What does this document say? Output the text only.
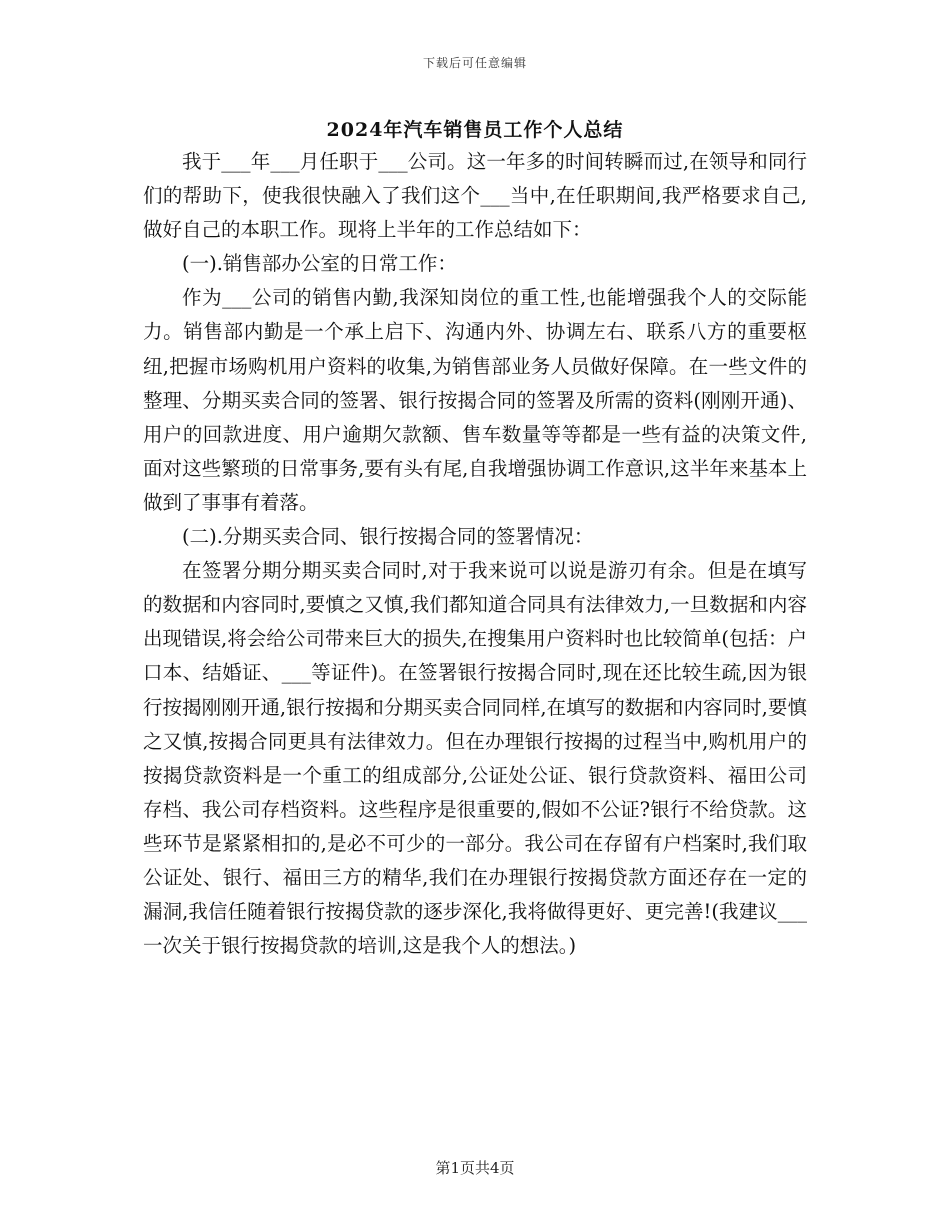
下载后可任意编辑
2024年汽车销售员工作个人总结

我于___年___月任职于___公司。这一年多的时间转瞬而过,在领导和同行们的帮助下，使我很快融入了我们这个___当中,在任职期间,我严格要求自己,做好自己的本职工作。现将上半年的工作总结如下：

(一).销售部办公室的日常工作：

作为___公司的销售内勤,我深知岗位的重工性,也能增强我个人的交际能力。销售部内勤是一个承上启下、沟通内外、协调左右、联系八方的重要枢纽,把握市场购机用户资料的收集,为销售部业务人员做好保障。在一些文件的整理、分期买卖合同的签署、银行按揭合同的签署及所需的资料(刚刚开通)、用户的回款进度、用户逾期欠款额、售车数量等等都是一些有益的决策文件,面对这些繁琐的日常事务,要有头有尾,自我增强协调工作意识,这半年来基本上做到了事事有着落。

(二).分期买卖合同、银行按揭合同的签署情况：

在签署分期分期买卖合同时,对于我来说可以说是游刃有余。但是在填写的数据和内容同时,要慎之又慎,我们都知道合同具有法律效力,一旦数据和内容出现错误,将会给公司带来巨大的损失,在搜集用户资料时也比较简单(包括：户口本、结婚证、___等证件)。在签署银行按揭合同时,现在还比较生疏,因为银行按揭刚刚开通,银行按揭和分期买卖合同同样,在填写的数据和内容同时,要慎之又慎,按揭合同更具有法律效力。但在办理银行按揭的过程当中,购机用户的按揭贷款资料是一个重工的组成部分,公证处公证、银行贷款资料、福田公司存档、我公司存档资料。这些程序是很重要的,假如不公证?银行不给贷款。这些环节是紧紧相扣的,是必不可少的一部分。我公司在存留有户档案时,我们取公证处、银行、福田三方的精华,我们在办理银行按揭贷款方面还存在一定的漏洞,我信任随着银行按揭贷款的逐步深化,我将做得更好、更完善!(我建议___一次关于银行按揭贷款的培训,这是我个人的想法。)

第1页共4页
